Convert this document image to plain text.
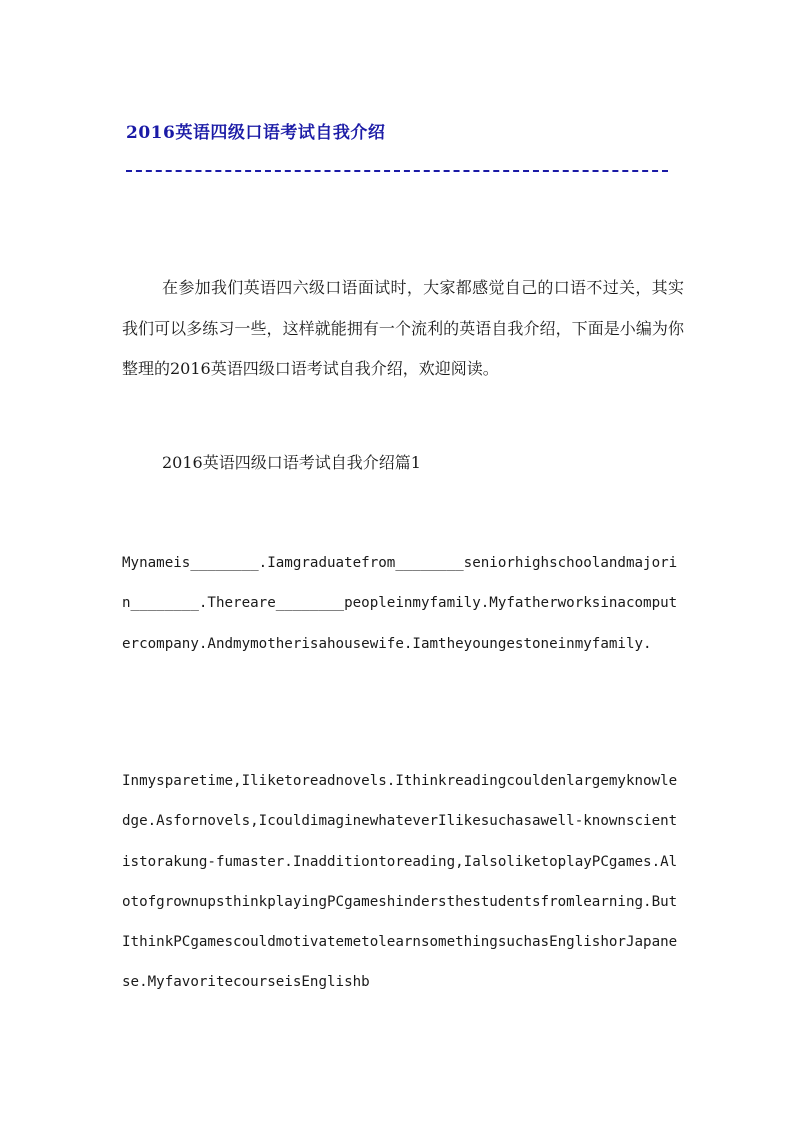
2016英语四级口语考试自我介绍
在参加我们英语四六级口语面试时，大家都感觉自己的口语不过关，其实我们可以多练习一些，这样就能拥有一个流利的英语自我介绍，下面是小编为你整理的2016英语四级口语考试自我介绍，欢迎阅读。
2016英语四级口语考试自我介绍篇1
Mynameis________.Iamgraduatefrom________seniorhighschoolandmajorin________.Thereare________peopleinmyfamily.Myfatherworksinacomputercompany.Andmymotherisahousewife.Iamtheyoungestoneinmyfamily.
Inmysparetime,Iliketoreadnovels.Ithinkreadingcouldenlargemyknowledge.Asfornovels,IcouldimaginewhateverIlikesuchasawell-knownscientistorakung-fumaster.Inadditiontoreading,IalsoliketoplayPCgames.AlotofgrownupsthinkplayingPCgameshindersthestudentsfromlearning.ButIthinkPCgamescouldmotivatemetolearnsomethingsuchasEnglishorJapanese.MyfavoritecourseisEnglishb
